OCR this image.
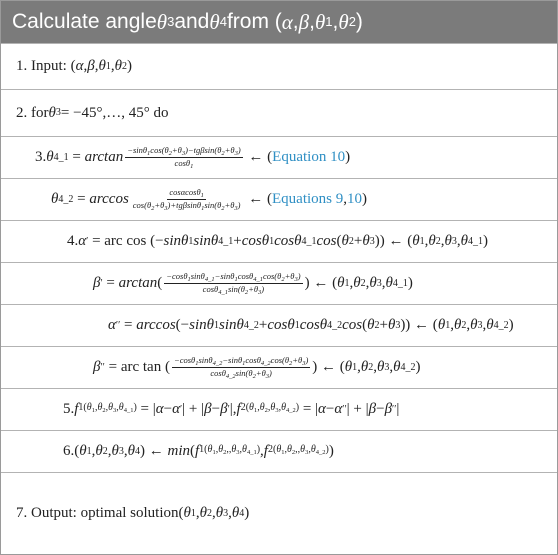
Calculate angle θ 3 and θ 4 from ( α , β , θ 1 , θ 2 )
1. Input: ( α , β , θ 1 , θ 2 )
2. for θ 3 = −45°,…, 45° do
3. θ 4_1 = $\arctan \frac{-\sin\theta_1\cos(\theta_2+\theta_3)-tg\beta\sin(\theta_2+\theta_3)}{\cos\theta_1}$ ← ( Equation 10 )
θ 4_2 = $\arccos \frac{\cos\alpha\cos\theta_1}{\cos(\theta_2+\theta_3)+tg\beta\sin\theta_1\sin(\theta_2+\theta_3)}$ ← ( Equations 9 , 10 )
4. α ′ = arc cos (− sinθ 1 sinθ 4_1 + cosθ 1 cosθ 4_1 cos ( θ 2 + θ 3 )) ← ( θ 1 , θ 2 , θ 3 , θ 4_1 )
β ′ = arctan ( $\frac{-\cos\theta_1\sin\theta_{4\_1}-\sin\theta_1\cos\theta_{4\_1}\cos(\theta_2+\theta_3)}{\cos\theta_{4\_1}\sin(\theta_2+\theta_3)}$ ) ← ( θ 1 , θ 2 , θ 3 , θ 4_1 )
α ′′ = arccos (− sinθ 1 sinθ 4_2 + cosθ 1 cosθ 4_2 cos ( θ 2 + θ 3 )) ← ( θ 1 , θ 2 , θ 3 , θ 4_2 )
β ′′ = arc tan ( $\frac{-\cos\theta_1\sin\theta_{4\_2}-\sin\theta_1\cos\theta_{4\_2}\cos(\theta_2+\theta_3)}{\cos\theta_{4\_2}\sin(\theta_2+\theta_3)}$ ) ← ( θ 1 , θ 2 , θ 3 , θ 4_2 )
5. f $1(\theta_1,\theta_2,\theta_3,\theta_{4\_1})$ = | α − α ′ | + | β − β ′ |, f $2(\theta_1,\theta_2,\theta_3,\theta_{4\_2})$ = | α − α ′′ | + | β − β ′′ |
6. ( θ 1 , θ 2 , θ 3 , θ 4 ) ← min ( f $1(\theta_1,\theta_2,,\theta_3,\theta_{4\_1})$ , f $2(\theta_1,\theta_2,,\theta_3,\theta_{4\_2})$ )
7. Output: optimal solution ( θ 1 , θ 2 , θ 3 , θ 4 )
